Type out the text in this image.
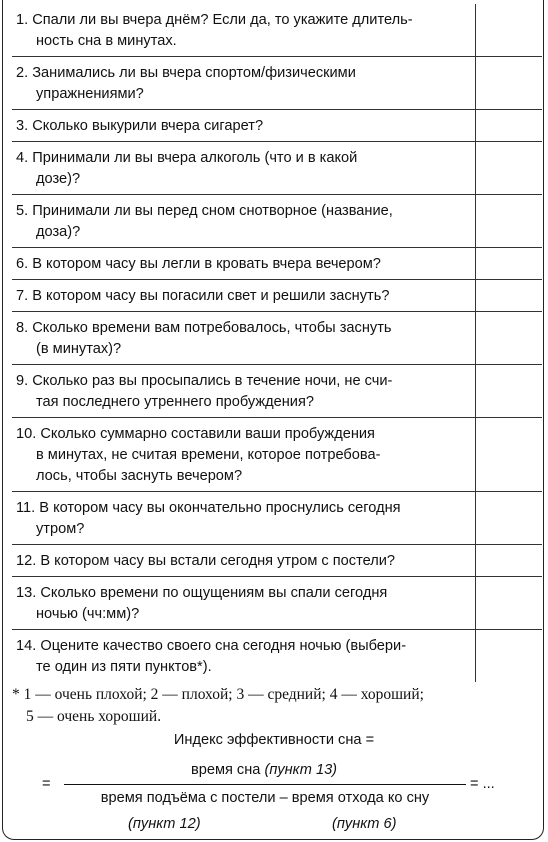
1. Спали ли вы вчера днём? Если да, то укажите длитель-
ность сна в минутах.	

2. Занимались ли вы вчера спортом/физическими
упражнениями?	

3. Сколько выкурили вчера сигарет?	

4. Принимали ли вы вчера алкоголь (что и в какой
дозе)?	

5. Принимали ли вы перед сном снотворное (название,
доза)?	

6. В котором часу вы легли в кровать вчера вечером?	

7. В котором часу вы погасили свет и решили заснуть?	

8. Сколько времени вам потребовалось, чтобы заснуть
(в минутах)?	

9. Сколько раз вы просыпались в течение ночи, не счи-
тая последнего утреннего пробуждения?	

10. Сколько суммарно составили ваши пробуждения
в минутах, не считая времени, которое потребова-
лось, чтобы заснуть вечером?	

11. В котором часу вы окончательно проснулись сегодня
утром?	

12. В котором часу вы встали сегодня утром с постели?	

13. Сколько времени по ощущениям вы спали сегодня
ночью (чч:мм)?	

14. Оцените качество своего сна сегодня ночью (выбери-
те один из пяти пунктов*).	

* 1 — очень плохой; 2 — плохой; 3 — средний; 4 — хороший;
5 — очень хороший.
Индекс эффективности сна =
=
время сна (пункт 13)
время подъёма с постели – время отхода ко сну
= ...
(пункт 12)	(пункт 6)
